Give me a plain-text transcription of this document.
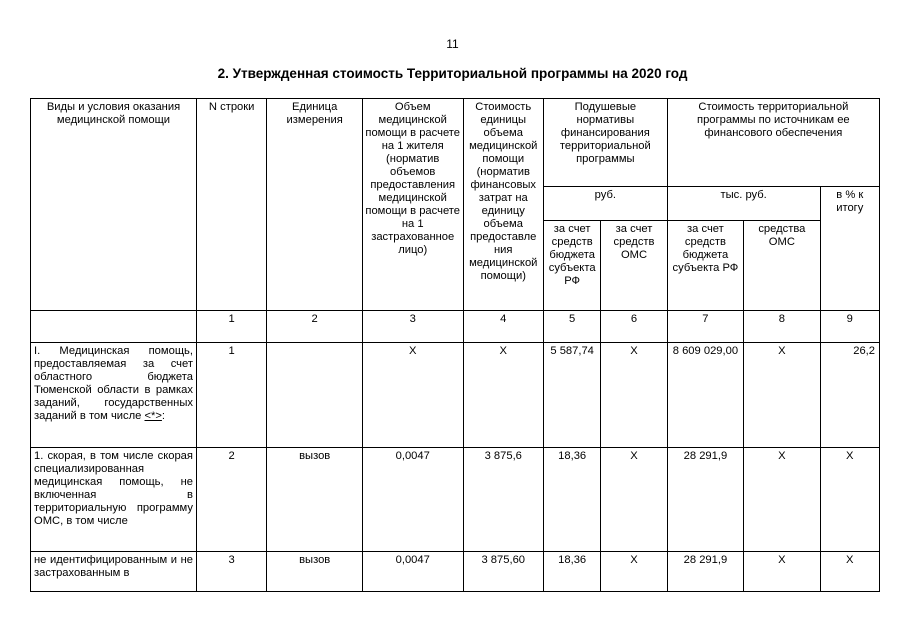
11
2. Утвержденная стоимость Территориальной программы на 2020 год
Виды и условия оказания медицинской помощи	N строки	Единица измерения	Объем медицинской помощи в расчете на 1 жителя (норматив объемов предоставления медицинской помощи в расчете на 1 застрахованное лицо)	Стоимость единицы объема медицинской помощи (норматив финансовых затрат на единицу объема предоставле ния медицинской помощи)	Подушевые нормативы финансирования территориальной программы		Стоимость территориальной программы по источникам ее финансового обеспечения		
					руб.		тыс. руб.		в % к итогу
					за счет средств бюджета субъекта РФ	за счет средств ОМС	за счет средств бюджета субъекта РФ	средства ОМС	
	1	2	3	4	5	6	7	8	9
I. Медицинская помощь, предоставляемая за счет областного бюджета Тюменской области в рамках заданий, государственных заданий в том числе <*>:	1		X	X	5 587,74	X	8 609 029,00	X	26,2
1. скорая, в том числе скорая специализированная медицинская помощь, не включенная в территориальную программу ОМС, в том числе	2	вызов	0,0047	3 875,6	18,36	X	28 291,9	X	X
не идентифицированным и не застрахованным в	3	вызов	0,0047	3 875,60	18,36	X	28 291,9	X	X
